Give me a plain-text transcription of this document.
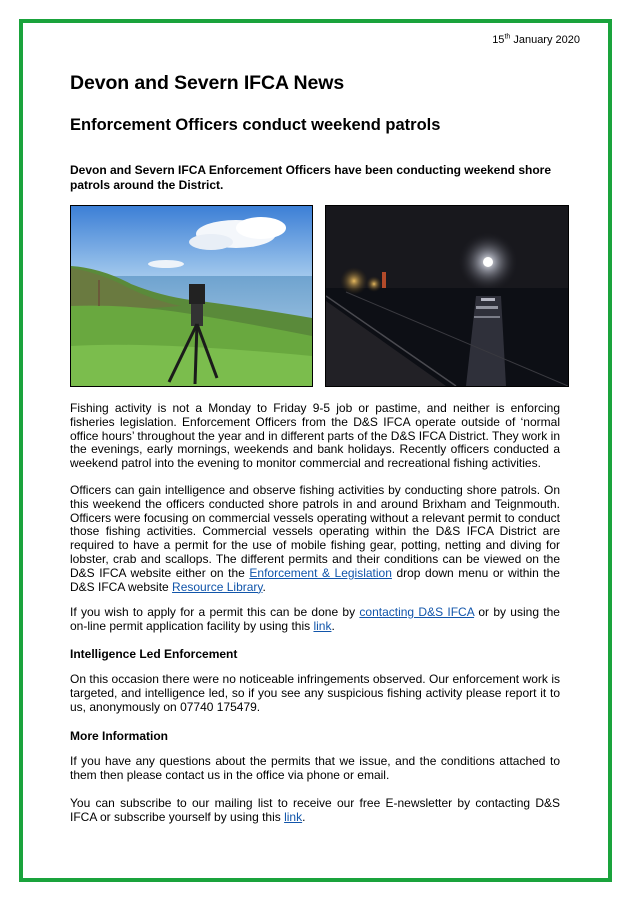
15th January 2020
Devon and Severn IFCA News
Enforcement Officers conduct weekend patrols

Devon and Severn IFCA Enforcement Officers have been conducting weekend shore patrols around the District.

Fishing activity is not a Monday to Friday 9-5 job or pastime, and neither is enforcing fisheries legislation. Enforcement Officers from the D&S IFCA operate outside of ‘normal office hours’ throughout the year and in different parts of the D&S IFCA District. They work in the evenings, early mornings, weekends and bank holidays. Recently officers conducted a weekend patrol into the evening to monitor commercial and recreational fishing activities.

Officers can gain intelligence and observe fishing activities by conducting shore patrols. On this weekend the officers conducted shore patrols in and around Brixham and Teignmouth. Officers were focusing on commercial vessels operating without a relevant permit to conduct those fishing activities. Commercial vessels operating within the D&S IFCA District are required to have a permit for the use of mobile fishing gear, potting, netting and diving for lobster, crab and scallops. The different permits and their conditions can be viewed on the D&S IFCA website either on the Enforcement & Legislation drop down menu or within the D&S IFCA website Resource Library.

If you wish to apply for a permit this can be done by contacting D&S IFCA or by using the on-line permit application facility by using this link.

Intelligence Led Enforcement

On this occasion there were no noticeable infringements observed. Our enforcement work is targeted, and intelligence led, so if you see any suspicious fishing activity please report it to us, anonymously on 07740 175479.

More Information

If you have any questions about the permits that we issue, and the conditions attached to them then please contact us in the office via phone or email.

You can subscribe to our mailing list to receive our free E-newsletter by contacting D&S IFCA or subscribe yourself by using this link.
